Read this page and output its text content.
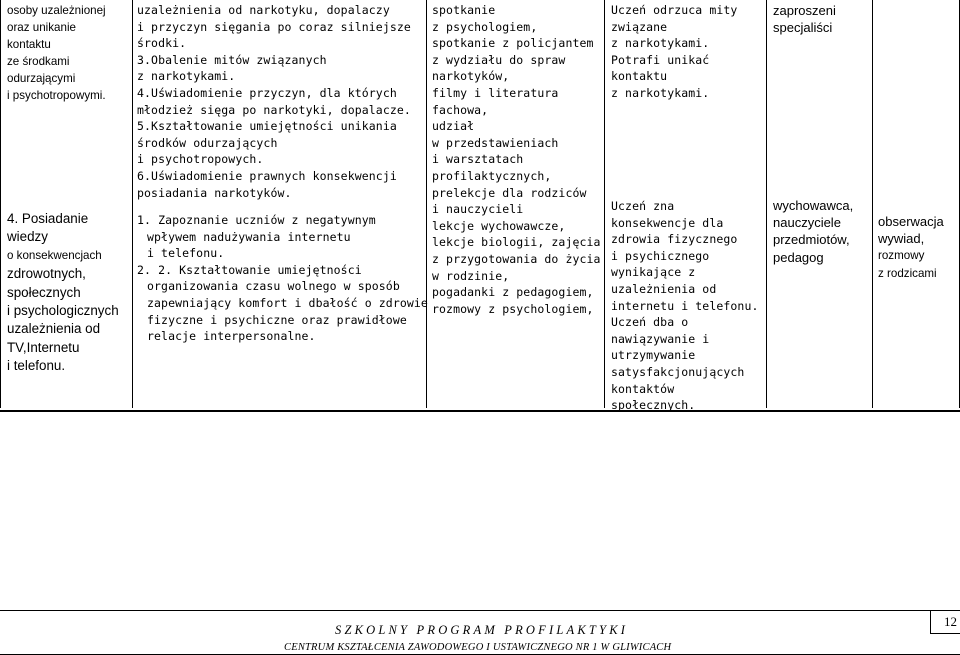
osoby uzależnionej
oraz unikanie
kontaktu
ze środkami
odurzającymi
i psychotropowymi.
4. Posiadanie
wiedzy
o konsekwencjach
zdrowotnych,
społecznych
i psychologicznych
uzależnienia od
TV,Internetu
i telefonu.
uzależnienia od narkotyku, dopalaczy
i przyczyn sięgania po coraz silniejsze
środki.
3.Obalenie mitów związanych
z narkotykami.
4.Uświadomienie przyczyn, dla których
młodzież sięga po narkotyki, dopalacze.
5.Kształtowanie umiejętności unikania
środków odurzających
i psychotropowych.
6.Uświadomienie prawnych konsekwencji
posiadania narkotyków.
1. Zapoznanie uczniów z negatywnym
wpływem nadużywania internetu
i telefonu.
2. 2. Kształtowanie umiejętności
organizowania czasu wolnego w sposób
zapewniający komfort i dbałość o zdrowie
fizyczne i psychiczne oraz prawidłowe
relacje interpersonalne.
spotkanie
z psychologiem,
spotkanie z policjantem
z wydziału do spraw
narkotyków,
filmy i literatura
fachowa,
udział
w przedstawieniach
i warsztatach
profilaktycznych,
prelekcje dla rodziców
i nauczycieli
lekcje wychowawcze,
lekcje biologii, zajęcia
z przygotowania do życia
w rodzinie,
pogadanki z pedagogiem,
rozmowy z psychologiem,
Uczeń odrzuca mity
związane
z narkotykami.
Potrafi unikać
kontaktu
z narkotykami.
Uczeń zna
konsekwencje dla
zdrowia fizycznego
i psychicznego
wynikające z
uzależnienia od
internetu i telefonu.
Uczeń dba o
nawiązywanie i
utrzymywanie
satysfakcjonujących
kontaktów
społecznych.
zaproszeni
specjaliści
wychowawca,
nauczyciele
przedmiotów,
pedagog
obserwacja
wywiad,
rozmowy
z rodzicami
12
SZKOLNY PROGRAM PROFILAKTYKI
CENTRUM KSZTAŁCENIA ZAWODOWEGO I USTAWICZNEGO NR 1 W GLIWICACH
